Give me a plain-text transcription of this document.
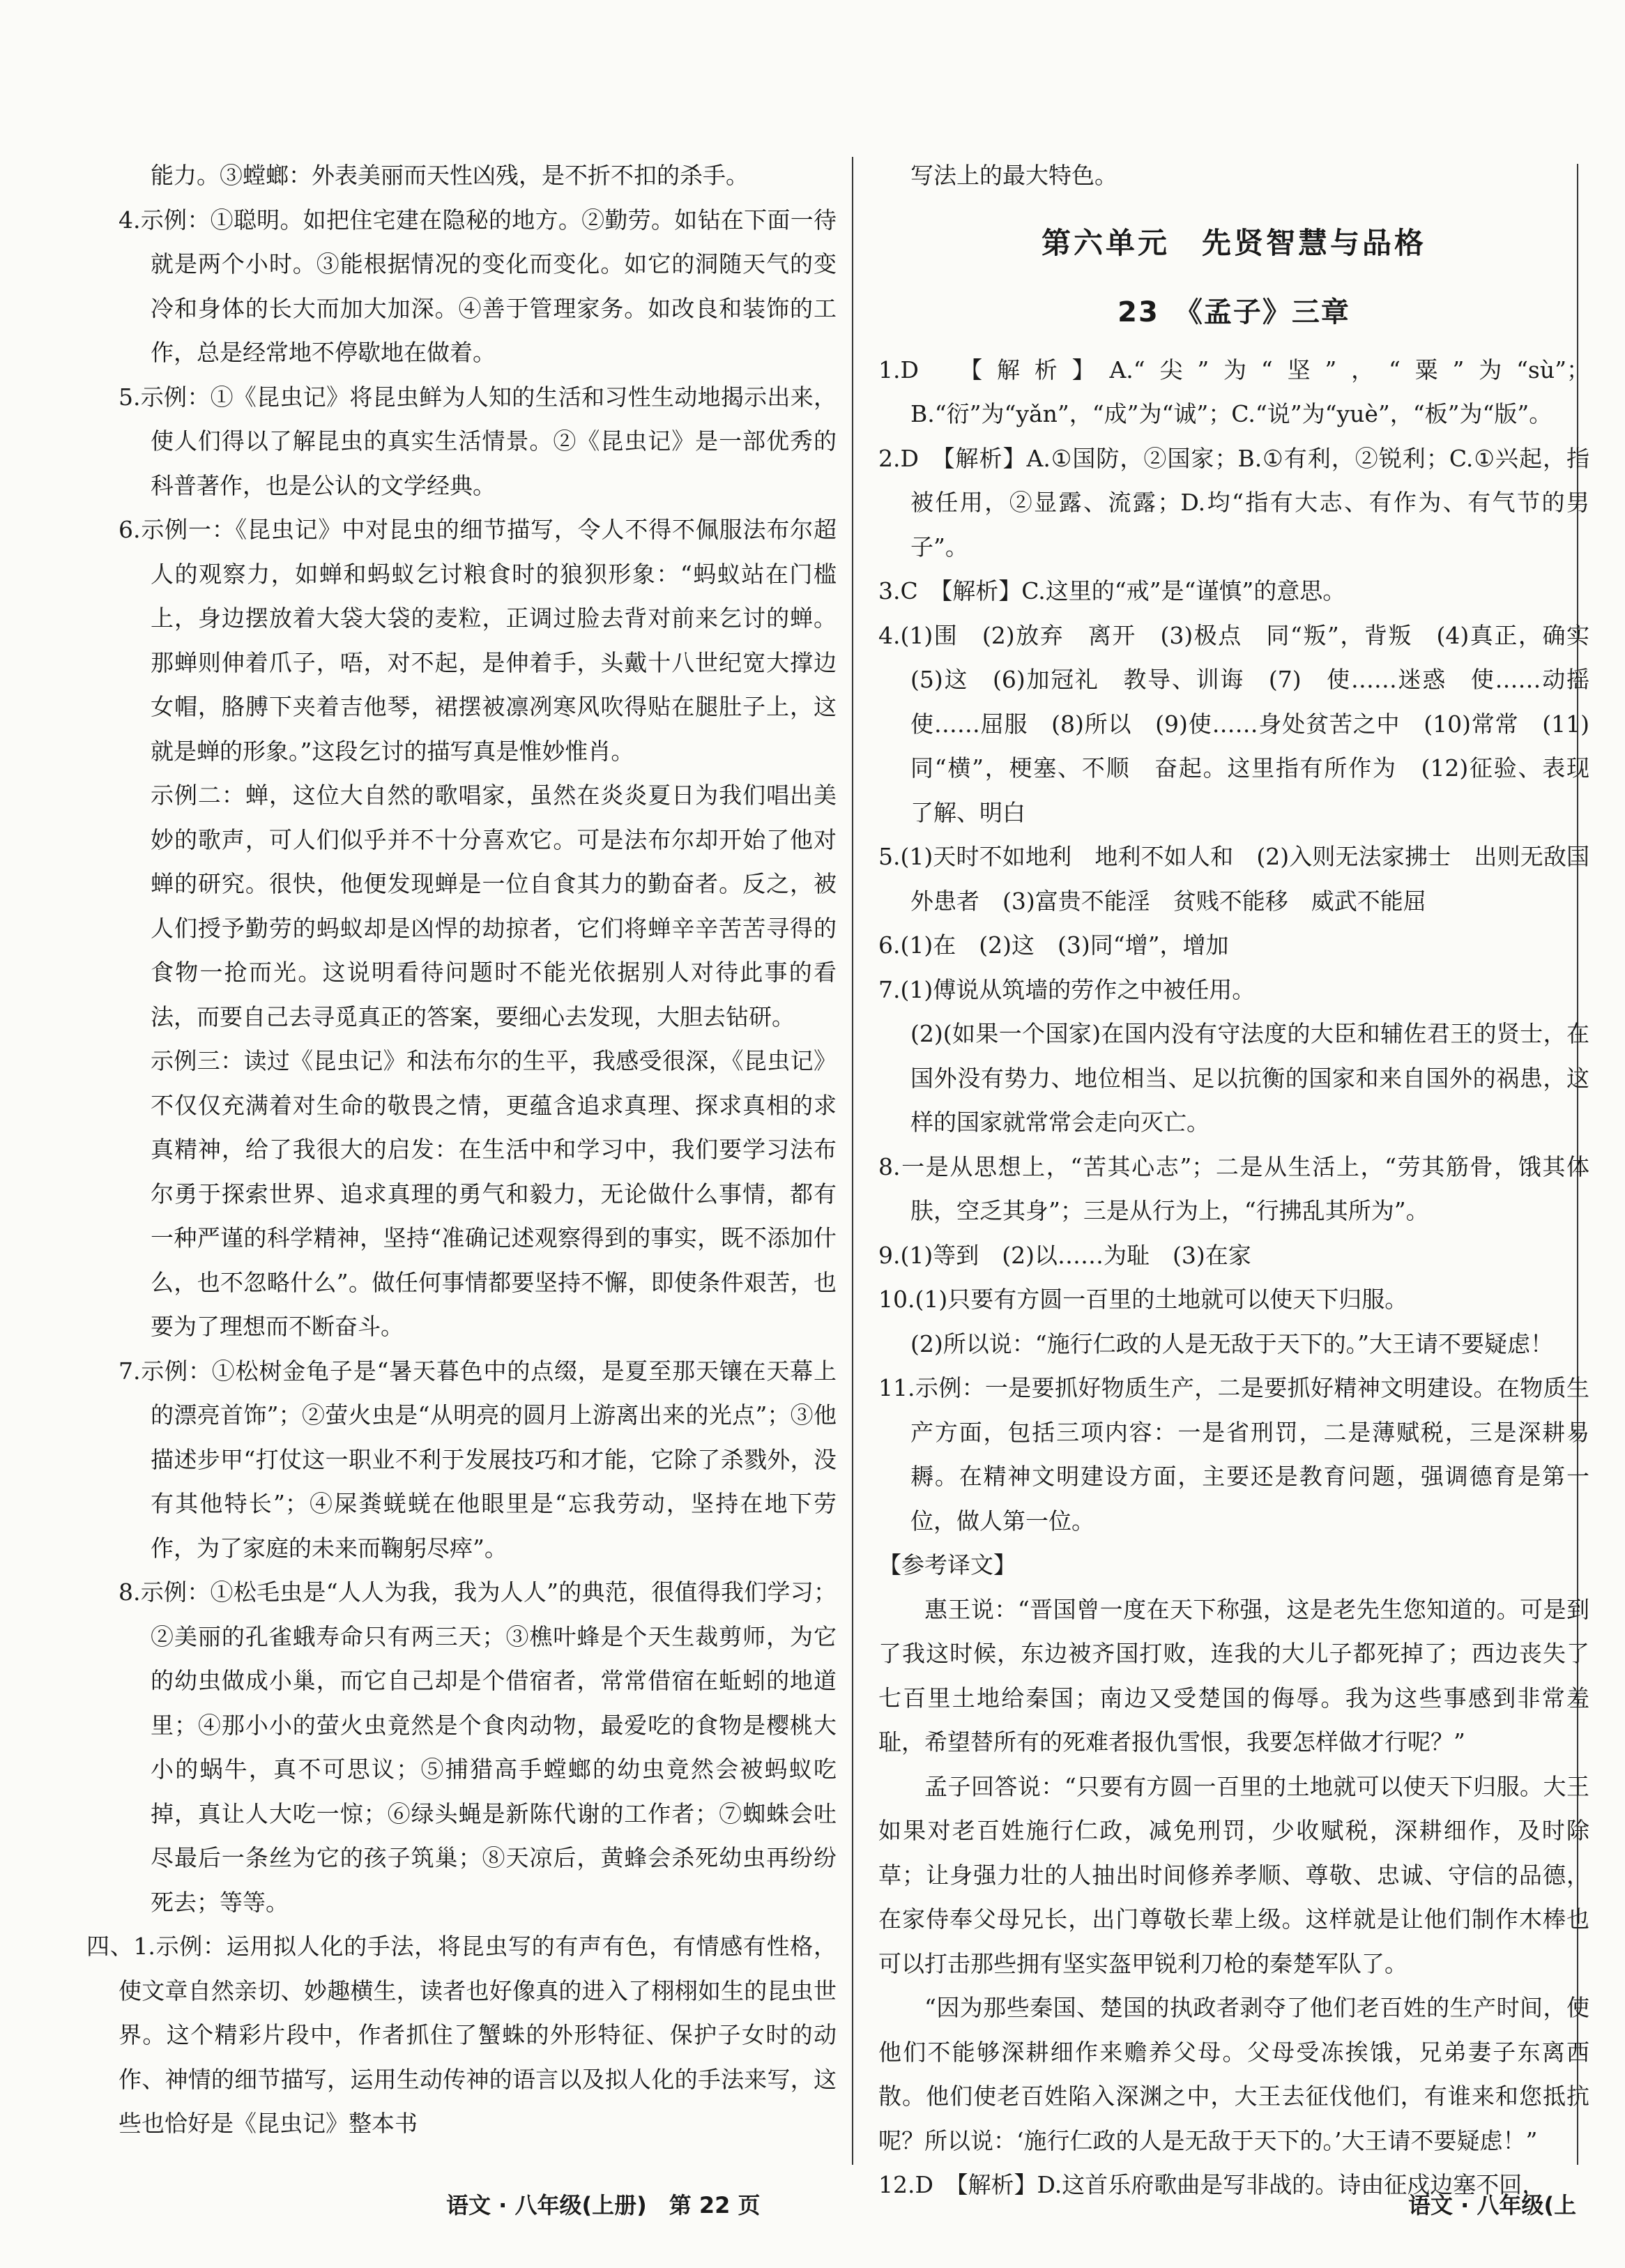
能力。③螳螂：外表美丽而天性凶残，是不折不扣的杀手。

4.示例：①聪明。如把住宅建在隐秘的地方。②勤劳。如钻在下面一待就是两个小时。③能根据情况的变化而变化。如它的洞随天气的变冷和身体的长大而加大加深。④善于管理家务。如改良和装饰的工作，总是经常地不停歇地在做着。

5.示例：①《昆虫记》将昆虫鲜为人知的生活和习性生动地揭示出来，使人们得以了解昆虫的真实生活情景。②《昆虫记》是一部优秀的科普著作，也是公认的文学经典。

6.示例一：《昆虫记》中对昆虫的细节描写，令人不得不佩服法布尔超人的观察力，如蝉和蚂蚁乞讨粮食时的狼狈形象：“蚂蚁站在门槛上，身边摆放着大袋大袋的麦粒，正调过脸去背对前来乞讨的蝉。那蝉则伸着爪子，唔，对不起，是伸着手，头戴十八世纪宽大撑边女帽，胳膊下夹着吉他琴，裙摆被凛冽寒风吹得贴在腿肚子上，这就是蝉的形象。”这段乞讨的描写真是惟妙惟肖。

示例二：蝉，这位大自然的歌唱家，虽然在炎炎夏日为我们唱出美妙的歌声，可人们似乎并不十分喜欢它。可是法布尔却开始了他对蝉的研究。很快，他便发现蝉是一位自食其力的勤奋者。反之，被人们授予勤劳的蚂蚁却是凶悍的劫掠者，它们将蝉辛辛苦苦寻得的食物一抢而光。这说明看待问题时不能光依据别人对待此事的看法，而要自己去寻觅真正的答案，要细心去发现，大胆去钻研。

示例三：读过《昆虫记》和法布尔的生平，我感受很深，《昆虫记》不仅仅充满着对生命的敬畏之情，更蕴含追求真理、探求真相的求真精神，给了我很大的启发：在生活中和学习中，我们要学习法布尔勇于探索世界、追求真理的勇气和毅力，无论做什么事情，都有一种严谨的科学精神，坚持“准确记述观察得到的事实，既不添加什么，也不忽略什么”。做任何事情都要坚持不懈，即使条件艰苦，也要为了理想而不断奋斗。

7.示例：①松树金龟子是“暑天暮色中的点缀，是夏至那天镶在天幕上的漂亮首饰”；②萤火虫是“从明亮的圆月上游离出来的光点”；③他描述步甲“打仗这一职业不利于发展技巧和才能，它除了杀戮外，没有其他特长”；④屎粪蜣蜣在他眼里是“忘我劳动，坚持在地下劳作，为了家庭的未来而鞠躬尽瘁”。

8.示例：①松毛虫是“人人为我，我为人人”的典范，很值得我们学习；②美丽的孔雀蛾寿命只有两三天；③樵叶蜂是个天生裁剪师，为它的幼虫做成小巢，而它自己却是个借宿者，常常借宿在蚯蚓的地道里；④那小小的萤火虫竟然是个食肉动物，最爱吃的食物是樱桃大小的蜗牛，真不可思议；⑤捕猎高手螳螂的幼虫竟然会被蚂蚁吃掉，真让人大吃一惊；⑥绿头蝇是新陈代谢的工作者；⑦蜘蛛会吐尽最后一条丝为它的孩子筑巢；⑧天凉后，黄蜂会杀死幼虫再纷纷死去；等等。

四、1.示例：运用拟人化的手法，将昆虫写的有声有色，有情感有性格，使文章自然亲切、妙趣横生，读者也好像真的进入了栩栩如生的昆虫世界。这个精彩片段中，作者抓住了蟹蛛的外形特征、保护子女时的动作、神情的细节描写，运用生动传神的语言以及拟人化的手法来写，这些也恰好是《昆虫记》整本书

写法上的最大特色。

第六单元　先贤智慧与品格
23　《孟子》三章

1.D　【解析】A.“尖”为“坚”，“粟”为“sù”；B.“衍”为“yǎn”，“成”为“诚”；C.“说”为“yuè”，“板”为“版”。

2.D　【解析】A.①国防，②国家；B.①有利，②锐利；C.①兴起，指被任用，②显露、流露；D.均“指有大志、有作为、有气节的男子”。

3.C　【解析】C.这里的“戒”是“谨慎”的意思。

4.(1)围　(2)放弃　离开　(3)极点　同“叛”，背叛　(4)真正，确实　(5)这　(6)加冠礼　教导、训诲　(7)　使……迷惑　使……动摇　使……屈服　(8)所以　(9)使……身处贫苦之中　(10)常常　(11)同“横”，梗塞、不顺　奋起。这里指有所作为　(12)征验、表现　了解、明白

5.(1)天时不如地利　地利不如人和　(2)入则无法家拂士　出则无敌国外患者　(3)富贵不能淫　贫贱不能移　威武不能屈

6.(1)在　(2)这　(3)同“增”，增加

7.(1)傅说从筑墙的劳作之中被任用。

(2)(如果一个国家)在国内没有守法度的大臣和辅佐君王的贤士，在国外没有势力、地位相当、足以抗衡的国家和来自国外的祸患，这样的国家就常常会走向灭亡。

8.一是从思想上，“苦其心志”；二是从生活上，“劳其筋骨，饿其体肤，空乏其身”；三是从行为上，“行拂乱其所为”。

9.(1)等到　(2)以……为耻　(3)在家

10.(1)只要有方圆一百里的土地就可以使天下归服。

(2)所以说：“施行仁政的人是无敌于天下的。”大王请不要疑虑！

11.示例：一是要抓好物质生产，二是要抓好精神文明建设。在物质生产方面，包括三项内容：一是省刑罚，二是薄赋税，三是深耕易耨。在精神文明建设方面，主要还是教育问题，强调德育是第一位，做人第一位。

【参考译文】

惠王说：“晋国曾一度在天下称强，这是老先生您知道的。可是到了我这时候，东边被齐国打败，连我的大儿子都死掉了；西边丧失了七百里土地给秦国；南边又受楚国的侮辱。我为这些事感到非常羞耻，希望替所有的死难者报仇雪恨，我要怎样做才行呢？”

孟子回答说：“只要有方圆一百里的土地就可以使天下归服。大王如果对老百姓施行仁政，减免刑罚，少收赋税，深耕细作，及时除草；让身强力壮的人抽出时间修养孝顺、尊敬、忠诚、守信的品德，在家侍奉父母兄长，出门尊敬长辈上级。这样就是让他们制作木棒也可以打击那些拥有坚实盔甲锐利刀枪的秦楚军队了。

“因为那些秦国、楚国的执政者剥夺了他们老百姓的生产时间，使他们不能够深耕细作来赡养父母。父母受冻挨饿，兄弟妻子东离西散。他们使老百姓陷入深渊之中，大王去征伐他们，有谁来和您抵抗呢？所以说：‘施行仁政的人是无敌于天下的。’大王请不要疑虑！”

12.D　【解析】D.这首乐府歌曲是写非战的。诗由征戍边塞不回，

语文 · 八年级(上册)　第 22 页	语文 · 八年级(上
